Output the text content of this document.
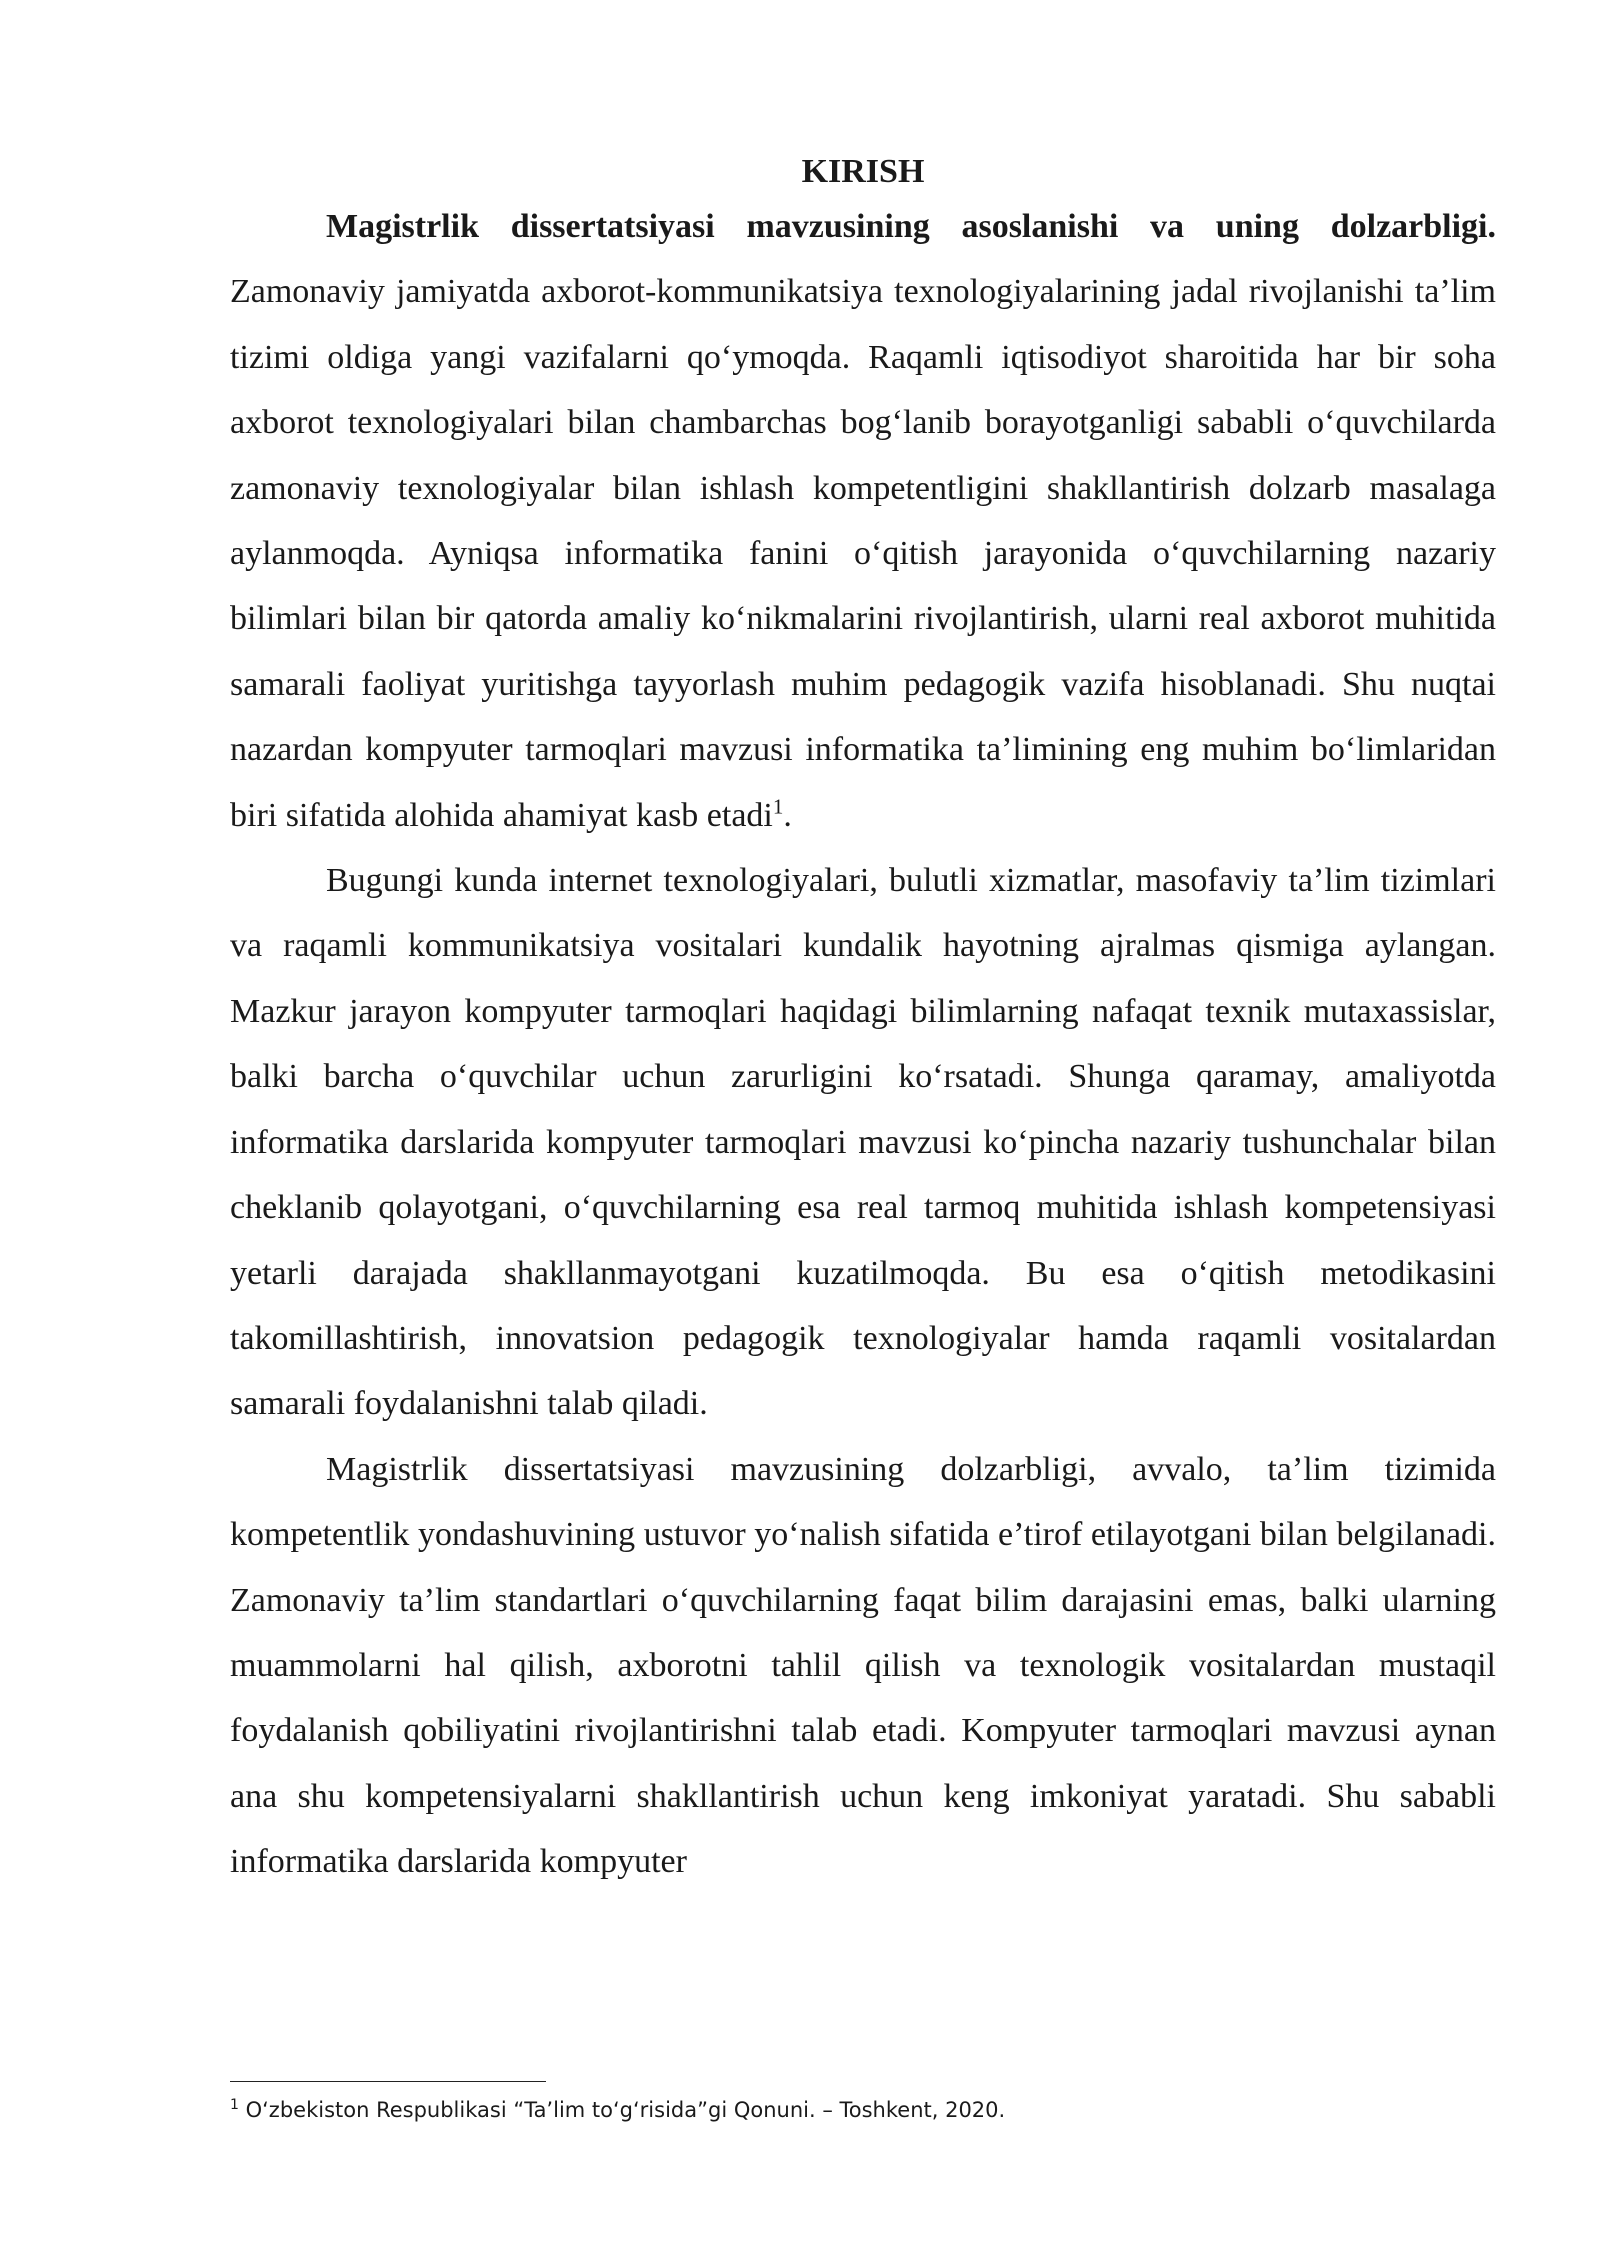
KIRISH

Magistrlik dissertatsiyasi mavzusining asoslanishi va uning dolzarbligi. Zamonaviy jamiyatda axborot-kommunikatsiya texnologiyalarining jadal rivojlanishi ta’lim tizimi oldiga yangi vazifalarni qo‘ymoqda. Raqamli iqtisodiyot sharoitida har bir soha axborot texnologiyalari bilan chambarchas bog‘lanib borayotganligi sababli o‘quvchilarda zamonaviy texnologiyalar bilan ishlash kompetentligini shakllantirish dolzarb masalaga aylanmoqda. Ayniqsa informatika fanini o‘qitish jarayonida o‘quvchilarning nazariy bilimlari bilan bir qatorda amaliy ko‘nikmalarini rivojlantirish, ularni real axborot muhitida samarali faoliyat yuritishga tayyorlash muhim pedagogik vazifa hisoblanadi. Shu nuqtai nazardan kompyuter tarmoqlari mavzusi informatika ta’limining eng muhim bo‘limlaridan biri sifatida alohida ahamiyat kasb etadi$^1$.

Bugungi kunda internet texnologiyalari, bulutli xizmatlar, masofaviy ta’lim tizimlari va raqamli kommunikatsiya vositalari kundalik hayotning ajralmas qismiga aylangan. Mazkur jarayon kompyuter tarmoqlari haqidagi bilimlarning nafaqat texnik mutaxassislar, balki barcha o‘quvchilar uchun zarurligini ko‘rsatadi. Shunga qaramay, amaliyotda informatika darslarida kompyuter tarmoqlari mavzusi ko‘pincha nazariy tushunchalar bilan cheklanib qolayotgani, o‘quvchilarning esa real tarmoq muhitida ishlash kompetensiyasi yetarli darajada shakllanmayotgani kuzatilmoqda. Bu esa o‘qitish metodikasini takomillashtirish, innovatsion pedagogik texnologiyalar hamda raqamli vositalardan samarali foydalanishni talab qiladi.

Magistrlik dissertatsiyasi mavzusining dolzarbligi, avvalo, ta’lim tizimida kompetentlik yondashuvining ustuvor yo‘nalish sifatida e’tirof etilayotgani bilan belgilanadi. Zamonaviy ta’lim standartlari o‘quvchilarning faqat bilim darajasini emas, balki ularning muammolarni hal qilish, axborotni tahlil qilish va texnologik vositalardan mustaqil foydalanish qobiliyatini rivojlantirishni talab etadi. Kompyuter tarmoqlari mavzusi aynan ana shu kompetensiyalarni shakllantirish uchun keng imkoniyat yaratadi. Shu sababli informatika darslarida kompyuter

$^1$ O‘zbekiston Respublikasi “Ta’lim to‘g‘risida”gi Qonuni. – Toshkent, 2020.
